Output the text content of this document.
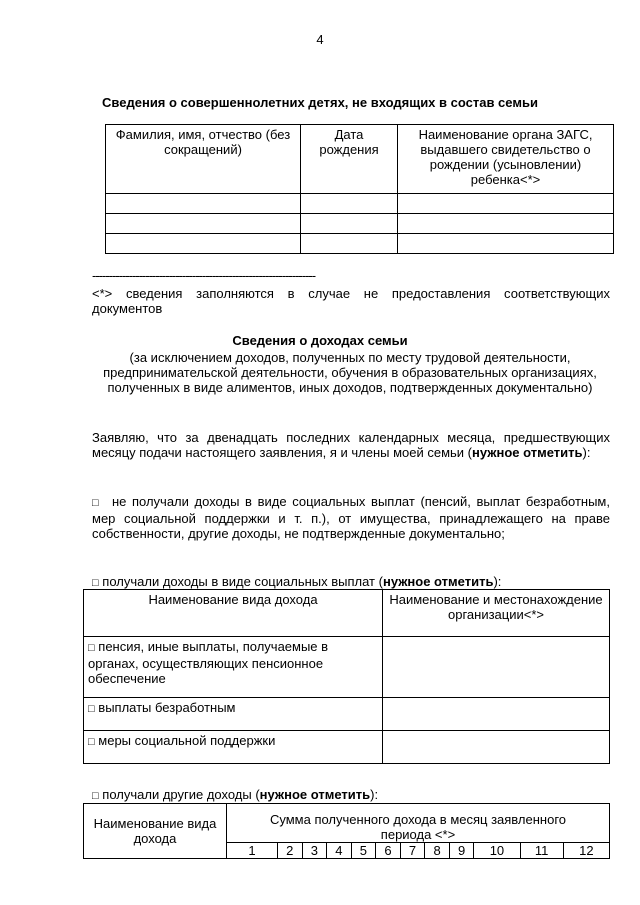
4
Сведения о совершеннолетних детях, не входящих в состав семьи
Фамилия, имя, отчество (без сокращений)	Дата рождения	Наименование органа ЗАГС, выдавшего свидетельство о рождении (усыновлении) ребенка<*>

-------------------------------------------------------------------
<*> сведения заполняются в случае не предоставления соответствующих документов
Сведения о доходах семьи
(за исключением доходов, полученных по месту трудовой деятельности, предпринимательской деятельности, обучения в образовательных организациях, полученных в виде алиментов, иных доходов, подтвержденных документально)
Заявляю, что за двенадцать последних календарных месяца, предшествующих месяцу подачи настоящего заявления, я и члены моей семьи (нужное отметить):
□ не получали доходы в виде социальных выплат (пенсий, выплат безработным, мер социальной поддержки и т. п.), от имущества, принадлежащего на праве собственности, другие доходы, не подтвержденные документально;
□ получали доходы в виде социальных выплат (нужное отметить):
Наименование вида дохода	Наименование и местонахождение организации<*>
□ пенсия, иные выплаты, получаемые в органах, осуществляющих пенсионное обеспечение	
□ выплаты безработным	
□ меры социальной поддержки	
□ получали другие доходы (нужное отметить):
Наименование вида дохода	Сумма полученного дохода в месяц заявленного периода <*>											
	1	2	3	4	5	6	7	8	9	10	11	12
